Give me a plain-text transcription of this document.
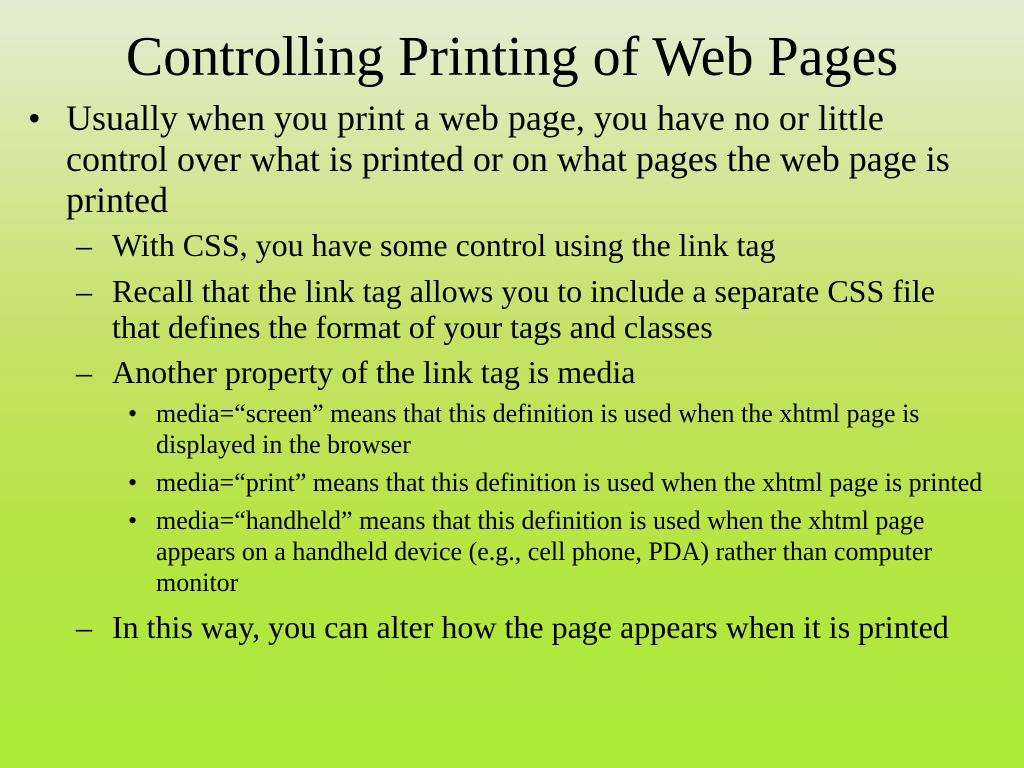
Controlling Printing of Web Pages
• Usually when you print a web page, you have no or little control over what is printed or on what pages the web page is printed
– With CSS, you have some control using the link tag
– Recall that the link tag allows you to include a separate CSS file that defines the format of your tags and classes
– Another property of the link tag is media
• media=“screen” means that this definition is used when the xhtml page is displayed in the browser
• media=“print” means that this definition is used when the xhtml page is printed
• media=“handheld” means that this definition is used when the xhtml page appears on a handheld device (e.g., cell phone, PDA) rather than computer monitor
– In this way, you can alter how the page appears when it is printed
